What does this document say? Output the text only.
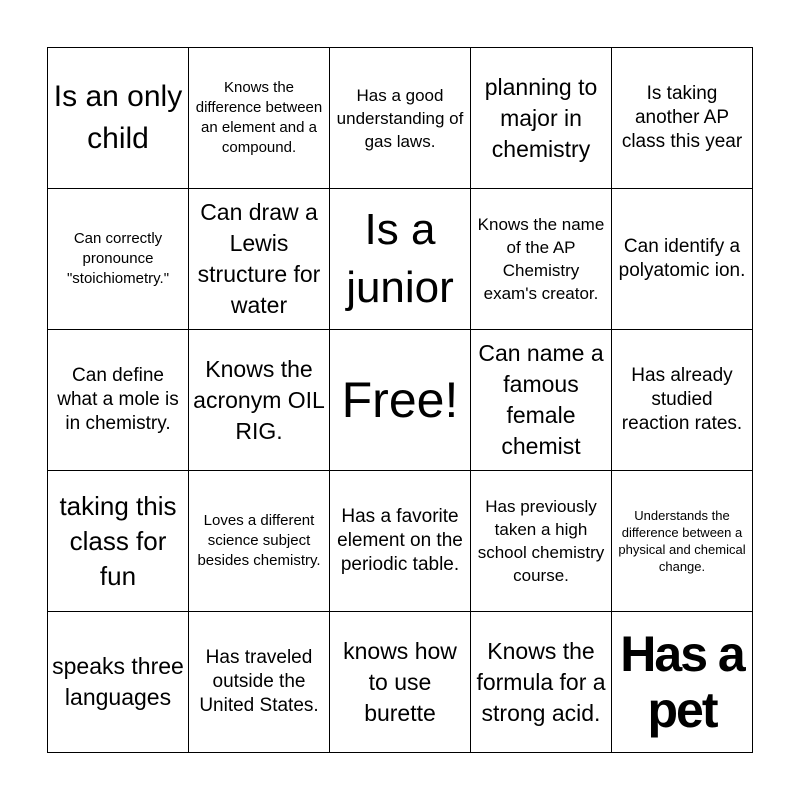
Is an only child
Knows the difference between an element and a compound.
Has a good understanding of gas laws.
planning to major in chemistry
Is taking another AP class this year
Can correctly pronounce "stoichiometry."
Can draw a Lewis structure for water
Is a junior
Knows the name of the AP Chemistry exam's creator.
Can identify a polyatomic ion.
Can define what a mole is in chemistry.
Knows the acronym OIL RIG.
Free!
Can name a famous female chemist
Has already studied reaction rates.
taking this class for fun
Loves a different science subject besides chemistry.
Has a favorite element on the periodic table.
Has previously taken a high school chemistry course.
Understands the difference between a physical and chemical change.
speaks three languages
Has traveled outside the United States.
knows how to use burette
Knows the formula for a strong acid.
Has a pet
